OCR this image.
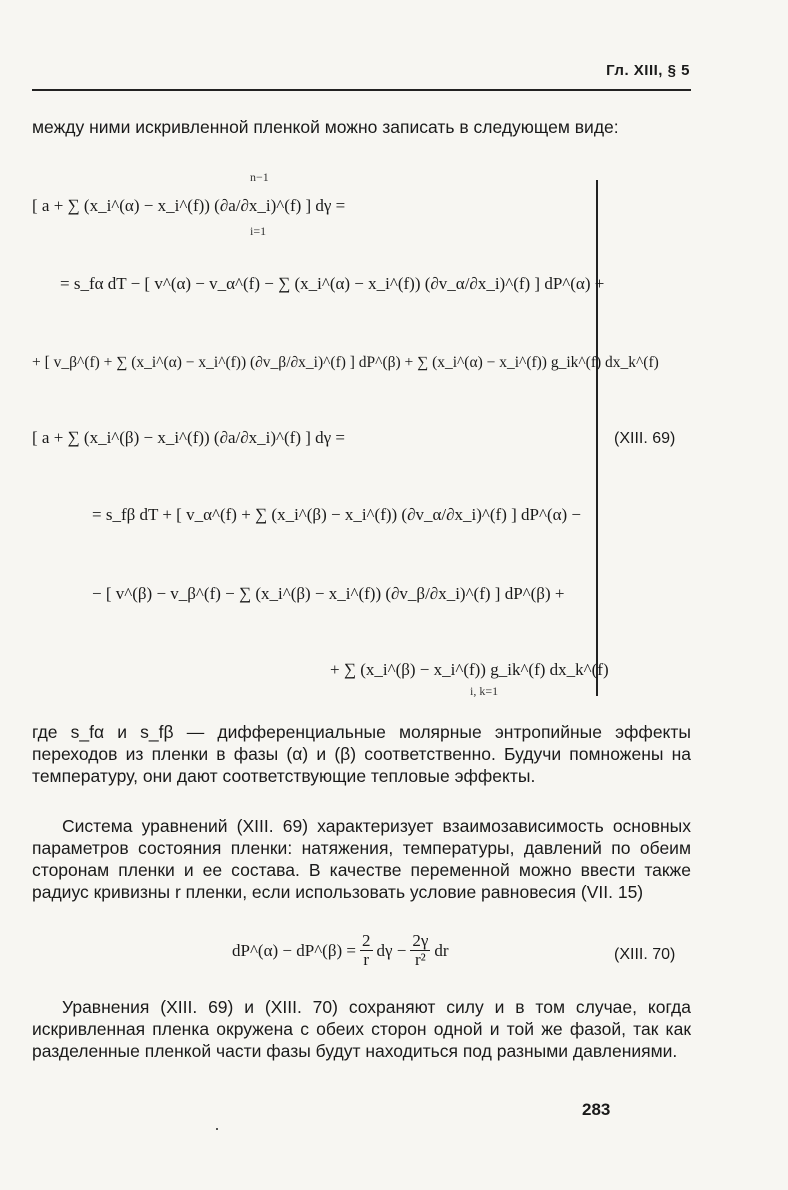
Гл. XIII, § 5

между ними искривленной пленкой можно записать в следующем виде:

[ a + ∑ (x_i^(α) − x_i^(f)) (∂a/∂x_i)^(f) ] dγ =
= s_fα dT − [ v^(α) − v_α^(f) − ∑ (x_i^(α) − x_i^(f)) (∂v_α/∂x_i)^(f) ] dP^(α) +
+ [ v_β^(f) + ∑ (x_i^(α) − x_i^(f)) (∂v_β/∂x_i)^(f) ] dP^(β) + ∑ (x_i^(α) − x_i^(f)) g_ik^(f) dx_k^(f)
[ a + ∑ (x_i^(β) − x_i^(f)) (∂a/∂x_i)^(f) ] dγ =
= s_fβ dT + [ v_α^(f) + ∑ (x_i^(β) − x_i^(f)) (∂v_α/∂x_i)^(f) ] dP^(α) −
− [ v^(β) − v_β^(f) − ∑ (x_i^(β) − x_i^(f)) (∂v_β/∂x_i)^(f) ] dP^(β) +
+ ∑ (x_i^(β) − x_i^(f)) g_ik^(f) dx_k^(f)
n−1
i=1
i, k=1
(XIII. 69)

где s_fα и s_fβ — дифференциальные молярные энтропийные эффекты переходов из пленки в фазы (α) и (β) соответственно. Будучи помножены на температуру, они дают соответствующие тепловые эффекты.

Система уравнений (XIII. 69) характеризует взаимозависимость основных параметров состояния пленки: натяжения, температуры, давлений по обеим сторонам пленки и ее состава. В качестве переменной можно ввести также радиус кривизны r пленки, если использовать условие равновесия (VII. 15)

dP^(α) − dP^(β) = $\frac{2}{r}$ $d\gamma - \frac{2\gamma}{\text{r²}}$ dr	(XIII. 70)

Уравнения (XIII. 69) и (XIII. 70) сохраняют силу и в том случае, когда искривленная пленка окружена с обеих сторон одной и той же фазой, так как разделенные пленкой части фазы будут находиться под разными давлениями.

283
